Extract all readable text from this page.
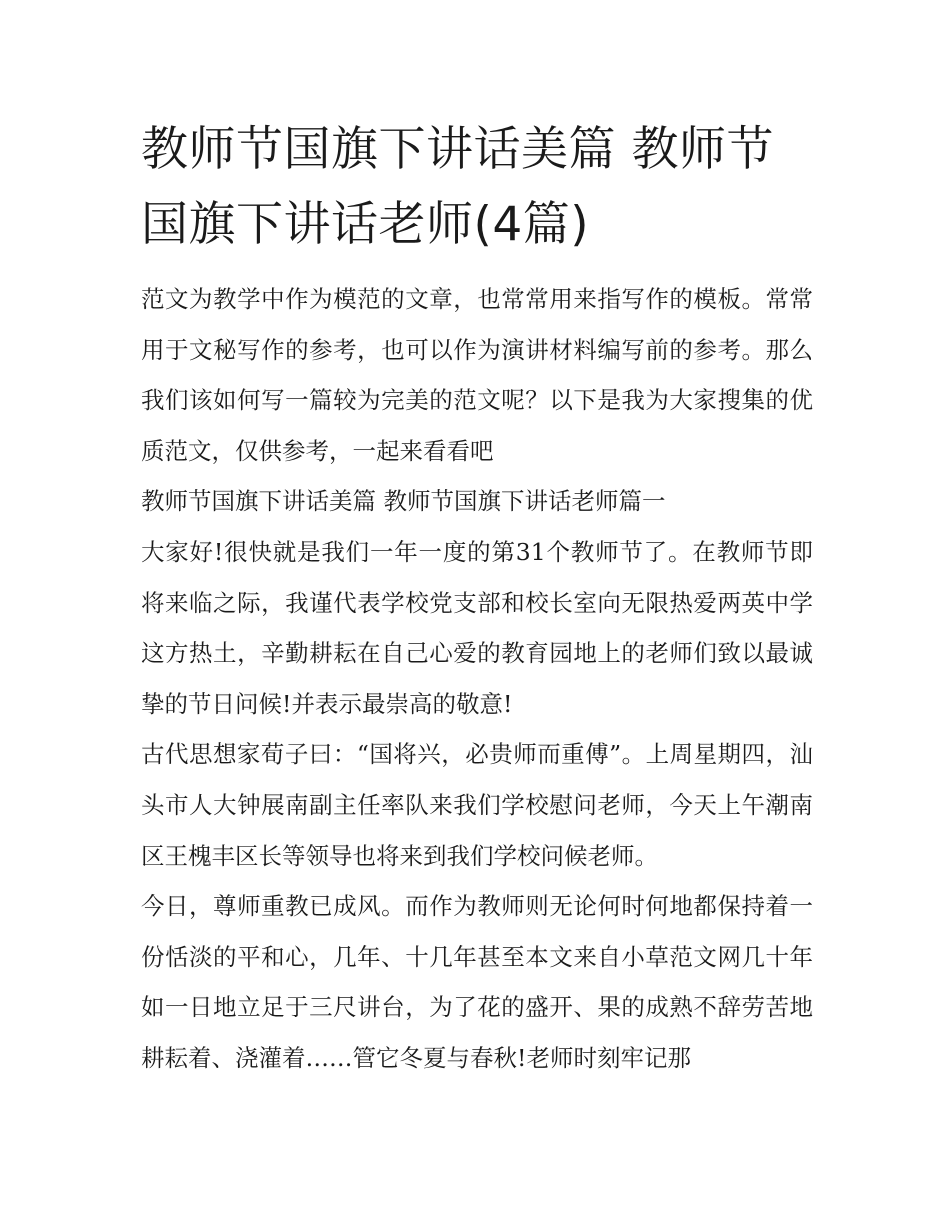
教师节国旗下讲话美篇 教师节国旗下讲话老师(4篇)

范文为教学中作为模范的文章，也常常用来指写作的模板。常常用于文秘写作的参考，也可以作为演讲材料编写前的参考。那么我们该如何写一篇较为完美的范文呢？以下是我为大家搜集的优质范文，仅供参考，一起来看看吧

教师节国旗下讲话美篇 教师节国旗下讲话老师篇一

大家好!很快就是我们一年一度的第31个教师节了。在教师节即将来临之际，我谨代表学校党支部和校长室向无限热爱两英中学这方热土，辛勤耕耘在自己心爱的教育园地上的老师们致以最诚挚的节日问候!并表示最崇高的敬意!

古代思想家荀子曰：“国将兴，必贵师而重傅”。上周星期四，汕头市人大钟展南副主任率队来我们学校慰问老师，今天上午潮南区王槐丰区长等领导也将来到我们学校问候老师。

今日，尊师重教已成风。而作为教师则无论何时何地都保持着一份恬淡的平和心，几年、十几年甚至本文来自小草范文网几十年如一日地立足于三尺讲台，为了花的盛开、果的成熟不辞劳苦地耕耘着、浇灌着……管它冬夏与春秋!老师时刻牢记那
